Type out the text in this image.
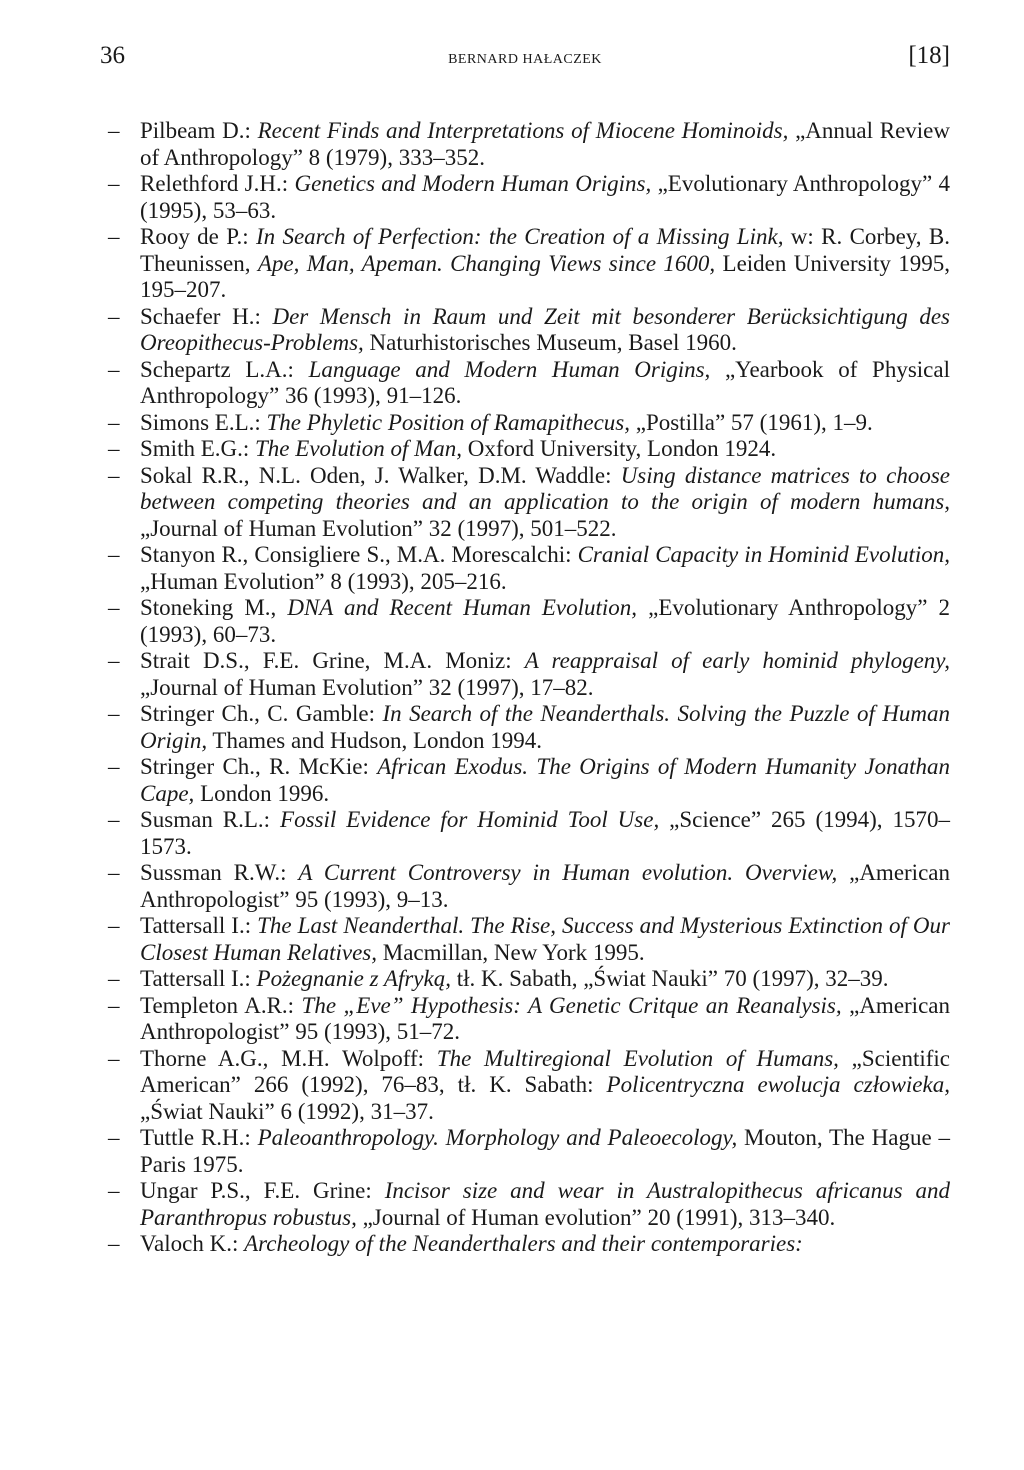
36	BERNARD HAŁACZEK	[18]
– Pilbeam D.: Recent Finds and Interpretations of Miocene Hominoids, „Annual Review of Anthropology” 8 (1979), 333–352.
– Relethford J.H.: Genetics and Modern Human Origins, „Evolutionary Anthropology” 4 (1995), 53–63.
– Rooy de P.: In Search of Perfection: the Creation of a Missing Link, w: R. Corbey, B. Theunissen, Ape, Man, Apeman. Changing Views since 1600, Leiden University 1995, 195–207.
– Schaefer H.: Der Mensch in Raum und Zeit mit besonderer Berücksichtigung des Oreopithecus-Problems, Naturhistorisches Museum, Basel 1960.
– Schepartz L.A.: Language and Modern Human Origins, „Yearbook of Physical Anthropology” 36 (1993), 91–126.
– Simons E.L.: The Phyletic Position of Ramapithecus, „Postilla” 57 (1961), 1–9.
– Smith E.G.: The Evolution of Man, Oxford University, London 1924.
– Sokal R.R., N.L. Oden, J. Walker, D.M. Waddle: Using distance matrices to choose between competing theories and an application to the origin of modern humans, „Journal of Human Evolution” 32 (1997), 501–522.
– Stanyon R., Consigliere S., M.A. Morescalchi: Cranial Capacity in Hominid Evolution, „Human Evolution” 8 (1993), 205–216.
– Stoneking M., DNA and Recent Human Evolution, „Evolutionary Anthropology” 2 (1993), 60–73.
– Strait D.S., F.E. Grine, M.A. Moniz: A reappraisal of early hominid phylogeny, „Journal of Human Evolution” 32 (1997), 17–82.
– Stringer Ch., C. Gamble: In Search of the Neanderthals. Solving the Puzzle of Human Origin, Thames and Hudson, London 1994.
– Stringer Ch., R. McKie: African Exodus. The Origins of Modern Humanity Jonathan Cape, London 1996.
– Susman R.L.: Fossil Evidence for Hominid Tool Use, „Science” 265 (1994), 1570–1573.
– Sussman R.W.: A Current Controversy in Human evolution. Overview, „American Anthropologist” 95 (1993), 9–13.
– Tattersall I.: The Last Neanderthal. The Rise, Success and Mysterious Extinction of Our Closest Human Relatives, Macmillan, New York 1995.
– Tattersall I.: Pożegnanie z Afryką, tł. K. Sabath, „Świat Nauki” 70 (1997), 32–39.
– Templeton A.R.: The „Eve” Hypothesis: A Genetic Critque an Reanalysis, „American Anthropologist” 95 (1993), 51–72.
– Thorne A.G., M.H. Wolpoff: The Multiregional Evolution of Humans, „Scientific American” 266 (1992), 76–83, tł. K. Sabath: Policentryczna ewolucja człowieka, „Świat Nauki” 6 (1992), 31–37.
– Tuttle R.H.: Paleoanthropology. Morphology and Paleoecology, Mouton, The Hague – Paris 1975.
– Ungar P.S., F.E. Grine: Incisor size and wear in Australopithecus africanus and Paranthropus robustus, „Journal of Human evolution” 20 (1991), 313–340.
– Valoch K.: Archeology of the Neanderthalers and their contemporaries:
